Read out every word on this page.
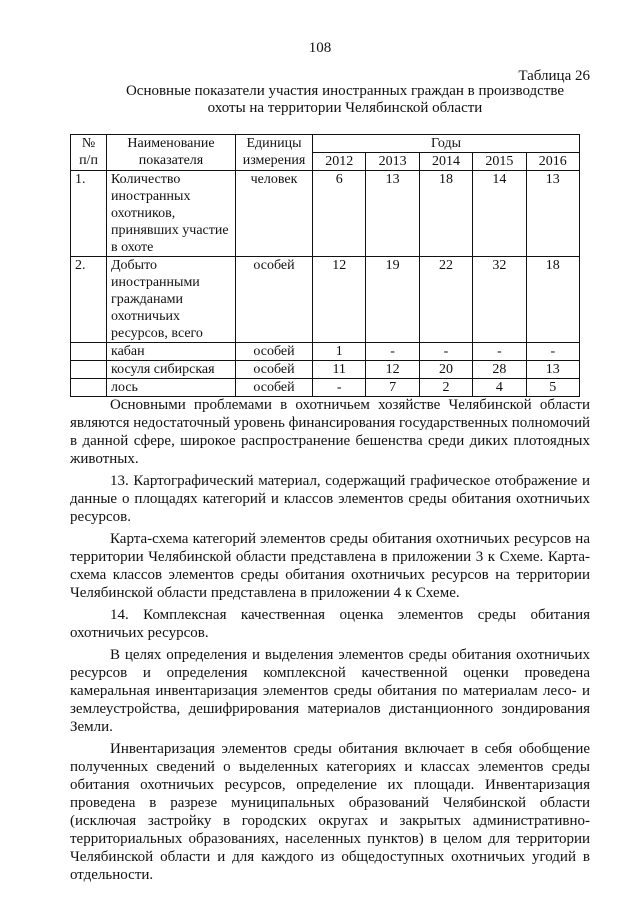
108
Таблица 26
Основные показатели участия иностранных граждан в производстве охоты на территории Челябинской области
№ п/п	Наименование показателя	Единицы измерения	Годы				
			2012	2013	2014	2015	2016
1.	Количество иностранных охотников, принявших участие в охоте	человек	6	13	18	14	13
2.	Добыто иностранными гражданами охотничьих ресурсов, всего	особей	12	19	22	32	18
	кабан	особей	1	-	-	-	-
	косуля сибирская	особей	11	12	20	28	13
	лось	особей	-	7	2	4	5

Основными проблемами в охотничьем хозяйстве Челябинской области являются недостаточный уровень финансирования государственных полномочий в данной сфере, широкое распространение бешенства среди диких плотоядных животных.

13. Картографический материал, содержащий графическое отображение и данные о площадях категорий и классов элементов среды обитания охотничьих ресурсов.

Карта-схема категорий элементов среды обитания охотничьих ресурсов на территории Челябинской области представлена в приложении 3 к Схеме. Карта-схема классов элементов среды обитания охотничьих ресурсов на территории Челябинской области представлена в приложении 4 к Схеме.

14. Комплексная качественная оценка элементов среды обитания охотничьих ресурсов.

В целях определения и выделения элементов среды обитания охотничьих ресурсов и определения комплексной качественной оценки проведена камеральная инвентаризация элементов среды обитания по материалам лесо- и землеустройства, дешифрирования материалов дистанционного зондирования Земли.

Инвентаризация элементов среды обитания включает в себя обобщение полученных сведений о выделенных категориях и классах элементов среды обитания охотничьих ресурсов, определение их площади. Инвентаризация проведена в разрезе муниципальных образований Челябинской области (исключая застройку в городских округах и закрытых административно-территориальных образованиях, населенных пунктов) в целом для территории Челябинской области и для каждого из общедоступных охотничьих угодий в отдельности.
